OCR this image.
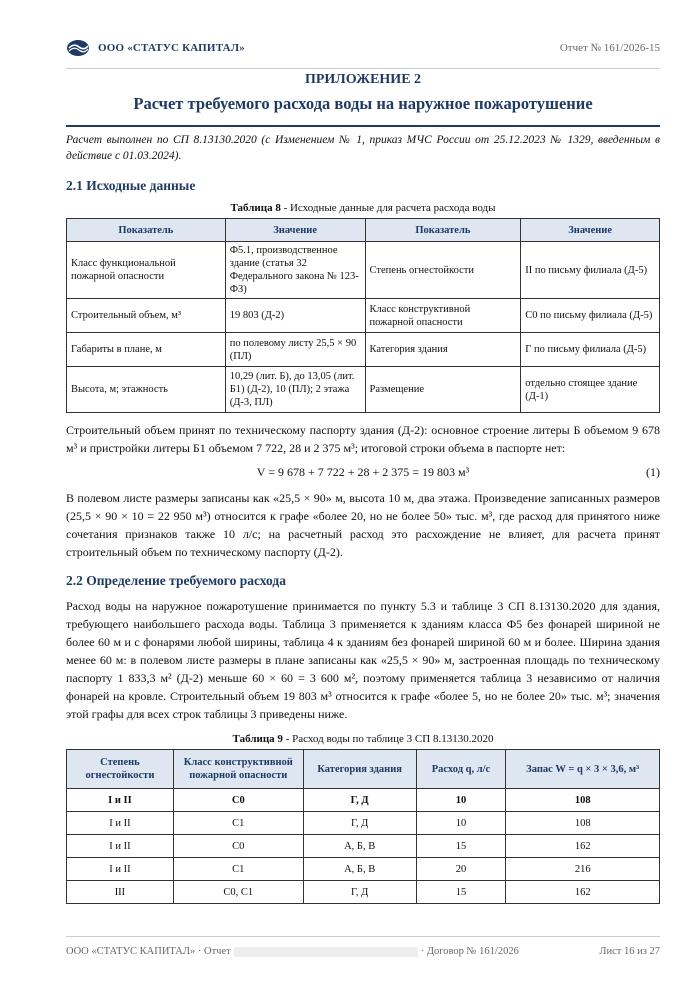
ООО «СТАТУС КАПИТАЛ»	Отчет № 161/2026-15
ПРИЛОЖЕНИЕ 2
Расчет требуемого расхода воды на наружное пожаротушение

Расчет выполнен по СП 8.13130.2020 (с Изменением № 1, приказ МЧС России от 25.12.2023 № 1329, введенным в действие с 01.03.2024).

2.1 Исходные данные
Таблица 8 - Исходные данные для расчета расхода воды
Показатель	Значение	Показатель	Значение
Класс функциональной пожарной опасности	Ф5.1, производственное здание (статья 32 Федерального закона № 123-ФЗ)	Степень огнестойкости	II по письму филиала (Д-5)
Строительный объем, м³	19 803 (Д-2)	Класс конструктивной пожарной опасности	С0 по письму филиала (Д-5)
Габариты в плане, м	по полевому листу 25,5 × 90 (ПЛ)	Категория здания	Г по письму филиала (Д-5)
Высота, м; этажность	10,29 (лит. Б), до 13,05 (лит. Б1) (Д-2), 10 (ПЛ); 2 этажа (Д-3, ПЛ)	Размещение	отдельно стоящее здание (Д-1)

Строительный объем принят по техническому паспорту здания (Д-2): основное строение литеры Б объемом 9 678 м³ и пристройки литеры Б1 объемом 7 722, 28 и 2 375 м³; итоговой строки объема в паспорте нет:

V = 9 678 + 7 722 + 28 + 2 375 = 19 803 м³	(1)

В полевом листе размеры записаны как «25,5 × 90» м, высота 10 м, два этажа. Произведение записанных размеров (25,5 × 90 × 10 = 22 950 м³) относится к графе «более 20, но не более 50» тыс. м³, где расход для принятого ниже сочетания признаков также 10 л/с; на расчетный расход это расхождение не влияет, для расчета принят строительный объем по техническому паспорту (Д-2).

2.2 Определение требуемого расхода

Расход воды на наружное пожаротушение принимается по пункту 5.3 и таблице 3 СП 8.13130.2020 для здания, требующего наибольшего расхода воды. Таблица 3 применяется к зданиям класса Ф5 без фонарей шириной не более 60 м и с фонарями любой ширины, таблица 4 к зданиям без фонарей шириной 60 м и более. Ширина здания менее 60 м: в полевом листе размеры в плане записаны как «25,5 × 90» м, застроенная площадь по техническому паспорту 1 833,3 м² (Д-2) меньше 60 × 60 = 3 600 м², поэтому применяется таблица 3 независимо от наличия фонарей на кровле. Строительный объем 19 803 м³ относится к графе «более 5, но не более 20» тыс. м³; значения этой графы для всех строк таблицы 3 приведены ниже.

Таблица 9 - Расход воды по таблице 3 СП 8.13130.2020
Степень огнестойкости	Класс конструктивной пожарной опасности	Категория здания	Расход q, л/с	Запас W = q × 3 × 3,6, м³
I и II	С0	Г, Д	10	108
I и II	С1	Г, Д	10	108
I и II	С0	А, Б, В	15	162
I и II	С1	А, Б, В	20	216
III	С0, С1	Г, Д	15	162
ООО «СТАТУС КАПИТАЛ» · Отчет	· Договор № 161/2026	Лист 16 из 27
